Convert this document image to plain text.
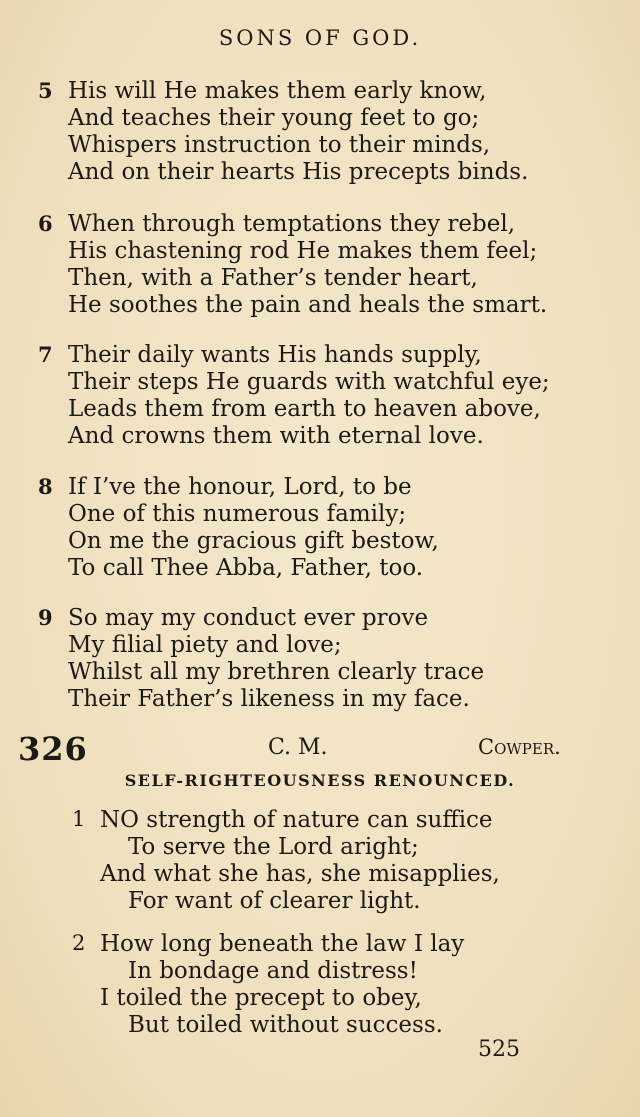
SONS OF GOD.
5 His will He makes them early know,
And teaches their young feet to go;
Whispers instruction to their minds,
And on their hearts His precepts binds.
6 When through temptations they rebel,
His chastening rod He makes them feel;
Then, with a Father’s tender heart,
He soothes the pain and heals the smart.
7 Their daily wants His hands supply,
Their steps He guards with watchful eye;
Leads them from earth to heaven above,
And crowns them with eternal love.
8 If I’ve the honour, Lord, to be
One of this numerous family;
On me the gracious gift bestow,
To call Thee Abba, Father, too.
9 So may my conduct ever prove
My filial piety and love;
Whilst all my brethren clearly trace
Their Father’s likeness in my face.
326	C. M.	Cowper.
SELF-RIGHTEOUSNESS RENOUNCED.
1 NO strength of nature can suffice
To serve the Lord aright;
And what she has, she misapplies,
For want of clearer light.
2 How long beneath the law I lay
In bondage and distress!
I toiled the precept to obey,
But toiled without success.
525
